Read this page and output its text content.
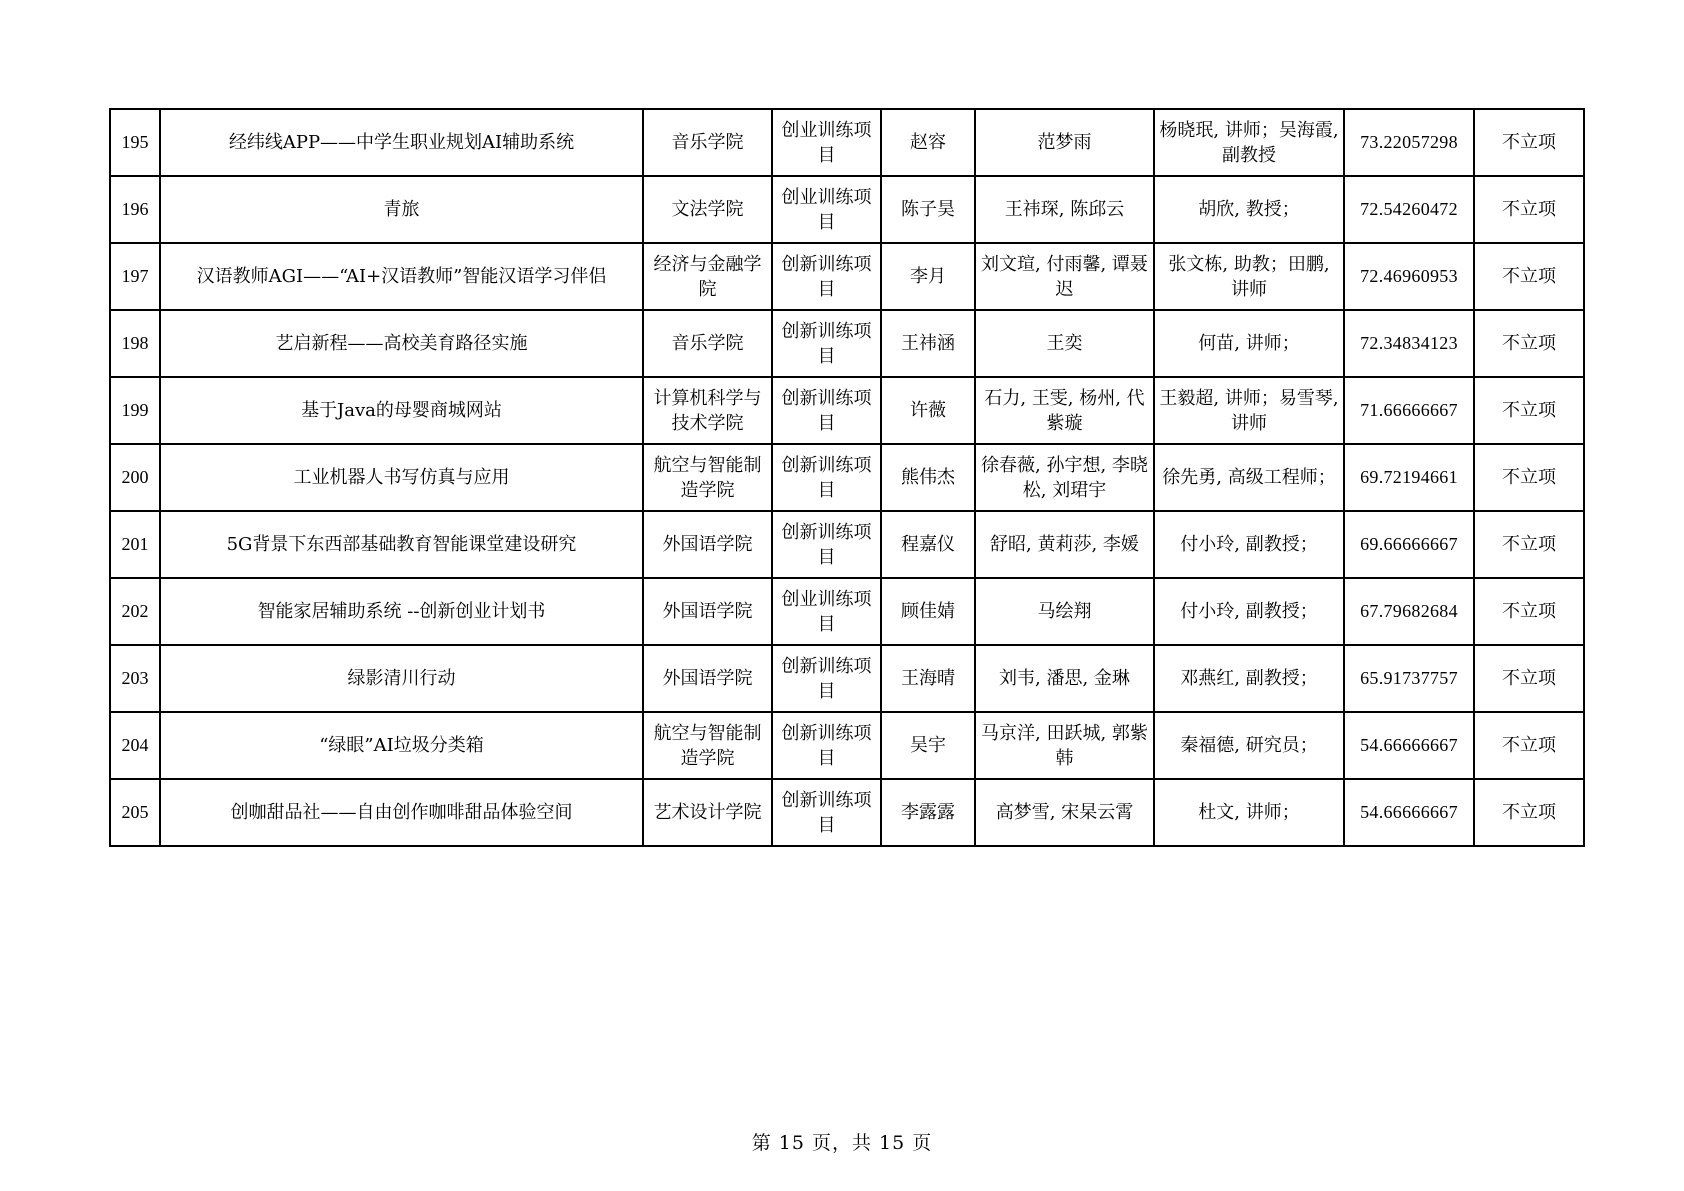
195	经纬线APP——中学生职业规划AI辅助系统	音乐学院	创业训练项目	赵容	范梦雨	杨晓珉, 讲师；吴海霞, 副教授	73.22057298	不立项
196	青旅	文法学院	创业训练项目	陈子昊	王祎琛, 陈邱云	胡欣, 教授；	72.54260472	不立项
197	汉语教师AGI——“AI+汉语教师”智能汉语学习伴侣	经济与金融学院	创新训练项目	李月	刘文瑄, 付雨馨, 谭聂迟	张文栋, 助教；田鹏, 讲师	72.46960953	不立项
198	艺启新程——高校美育路径实施	音乐学院	创新训练项目	王祎涵	王奕	何苗, 讲师；	72.34834123	不立项
199	基于Java的母婴商城网站	计算机科学与技术学院	创新训练项目	许薇	石力, 王雯, 杨州, 代紫璇	王毅超, 讲师；易雪琴, 讲师	71.66666667	不立项
200	工业机器人书写仿真与应用	航空与智能制造学院	创新训练项目	熊伟杰	徐春薇, 孙宇想, 李晓松, 刘珺宇	徐先勇, 高级工程师；	69.72194661	不立项
201	5G背景下东西部基础教育智能课堂建设研究	外国语学院	创新训练项目	程嘉仪	舒昭, 黄莉莎, 李媛	付小玲, 副教授；	69.66666667	不立项
202	智能家居辅助系统 --创新创业计划书	外国语学院	创业训练项目	顾佳婧	马绘翔	付小玲, 副教授；	67.79682684	不立项
203	绿影清川行动	外国语学院	创新训练项目	王海晴	刘韦, 潘思, 金琳	邓燕红, 副教授；	65.91737757	不立项
204	“绿眼”AI垃圾分类箱	航空与智能制造学院	创新训练项目	吴宇	马京洋, 田跃城, 郭紫韩	秦福德, 研究员；	54.66666667	不立项
205	创咖甜品社——自由创作咖啡甜品体验空间	艺术设计学院	创新训练项目	李露露	高梦雪, 宋杲云霄	杜文, 讲师；	54.66666667	不立项
第 15 页，共 15 页
